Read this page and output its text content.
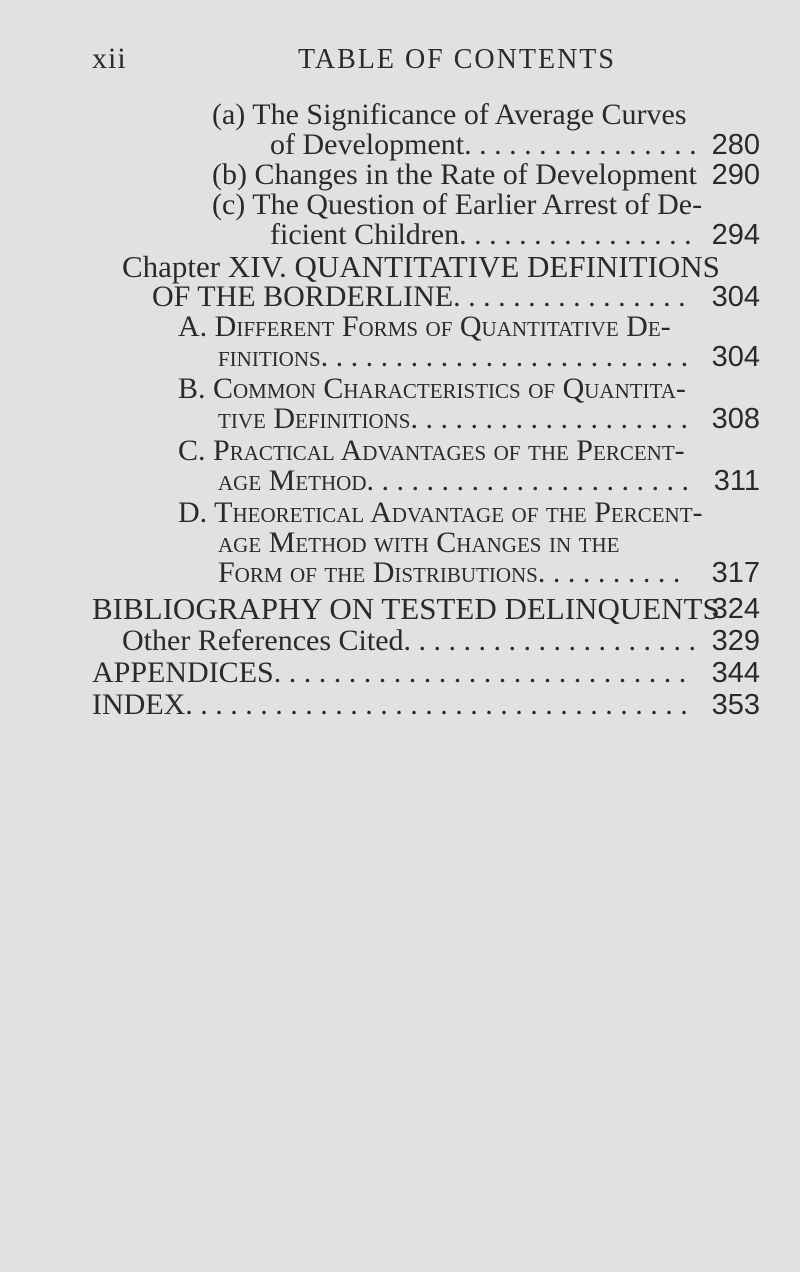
xii	TABLE OF CONTENTS
(a) The Significance of Average Curves
of Development. . . . . . . . . . . . . . . . 280
(b) Changes in the Rate of Development 290
(c) The Question of Earlier Arrest of De-
ficient Children. . . . . . . . . . . . . . . . 294
Chapter XIV. QUANTITATIVE DEFINITIONS
OF THE BORDERLINE. . . . . . . . . . . . . . . . 304
A. Different Forms of Quantitative De-
finitions. . . . . . . . . . . . . . . . . . . . . . . . . 304
B. Common Characteristics of Quantita-
tive Definitions. . . . . . . . . . . . . . . . . . . 308
C. Practical Advantages of the Percent-
age Method. . . . . . . . . . . . . . . . . . . . . . 311
D. Theoretical Advantage of the Percent-
age Method with Changes in the
Form of the Distributions. . . . . . . . . . 317
BIBLIOGRAPHY ON TESTED DELINQUENTS
324
Other References Cited. . . . . . . . . . . . . . . . . . . . 329
APPENDICES. . . . . . . . . . . . . . . . . . . . . . . . . . . . 344
INDEX. . . . . . . . . . . . . . . . . . . . . . . . . . . . . . . . . . 353
